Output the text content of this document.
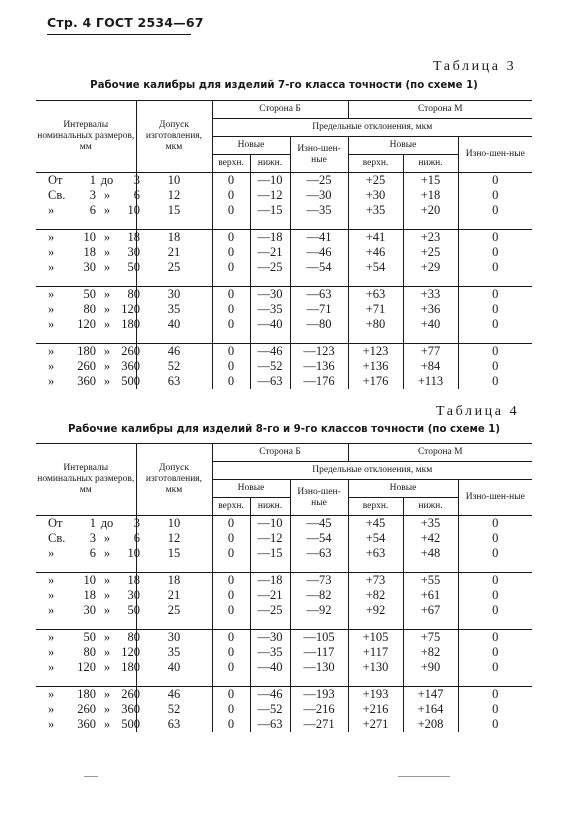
Стр. 4 ГОСТ 2534—67
Таблица 3
Рабочие калибры для изделий 7-го класса точности (по схеме 1)
Интервалы номинальных размеров, мм	Допуск изготовления, мкм	Сторона Б			Сторона М		
		Предельные отклонения, мкм					
		Новые		Изно-шен-ные	Новые		Изно-шен-ные
		верхн.	нижн.		верхн.	нижн.	
От 1 до 3	10	0	—10	—25	+25	+15	0
Св. 3 » 6	12	0	—12	—30	+30	+18	0
» 6 » 10	15	0	—15	—35	+35	+20	0

» 10 » 18	18	0	—18	—41	+41	+23	0
» 18 » 30	21	0	—21	—46	+46	+25	0
» 30 » 50	25	0	—25	—54	+54	+29	0

» 50 » 80	30	0	—30	—63	+63	+33	0
» 80 » 120	35	0	—35	—71	+71	+36	0
» 120 » 180	40	0	—40	—80	+80	+40	0

» 180 » 260	46	0	—46	—123	+123	+77	0
» 260 » 360	52	0	—52	—136	+136	+84	0
» 360 » 500	63	0	—63	—176	+176	+113	0
Таблица 4
Рабочие калибры для изделий 8-го и 9-го классов точности (по схеме 1)
Интервалы номинальных размеров, мм	Допуск изготовления, мкм	Сторона Б			Сторона М		
		Предельные отклонения, мкм					
		Новые		Изно-шен-ные	Новые		Изно-шен-ные
		верхн.	нижн.		верхн.	нижн.	
От 1 до 3	10	0	—10	—45	+45	+35	0
Св. 3 » 6	12	0	—12	—54	+54	+42	0
» 6 » 10	15	0	—15	—63	+63	+48	0

» 10 » 18	18	0	—18	—73	+73	+55	0
» 18 » 30	21	0	—21	—82	+82	+61	0
» 30 » 50	25	0	—25	—92	+92	+67	0

» 50 » 80	30	0	—30	—105	+105	+75	0
» 80 » 120	35	0	—35	—117	+117	+82	0
» 120 » 180	40	0	—40	—130	+130	+90	0

» 180 » 260	46	0	—46	—193	+193	+147	0
» 260 » 360	52	0	—52	—216	+216	+164	0
» 360 » 500	63	0	—63	—271	+271	+208	0
